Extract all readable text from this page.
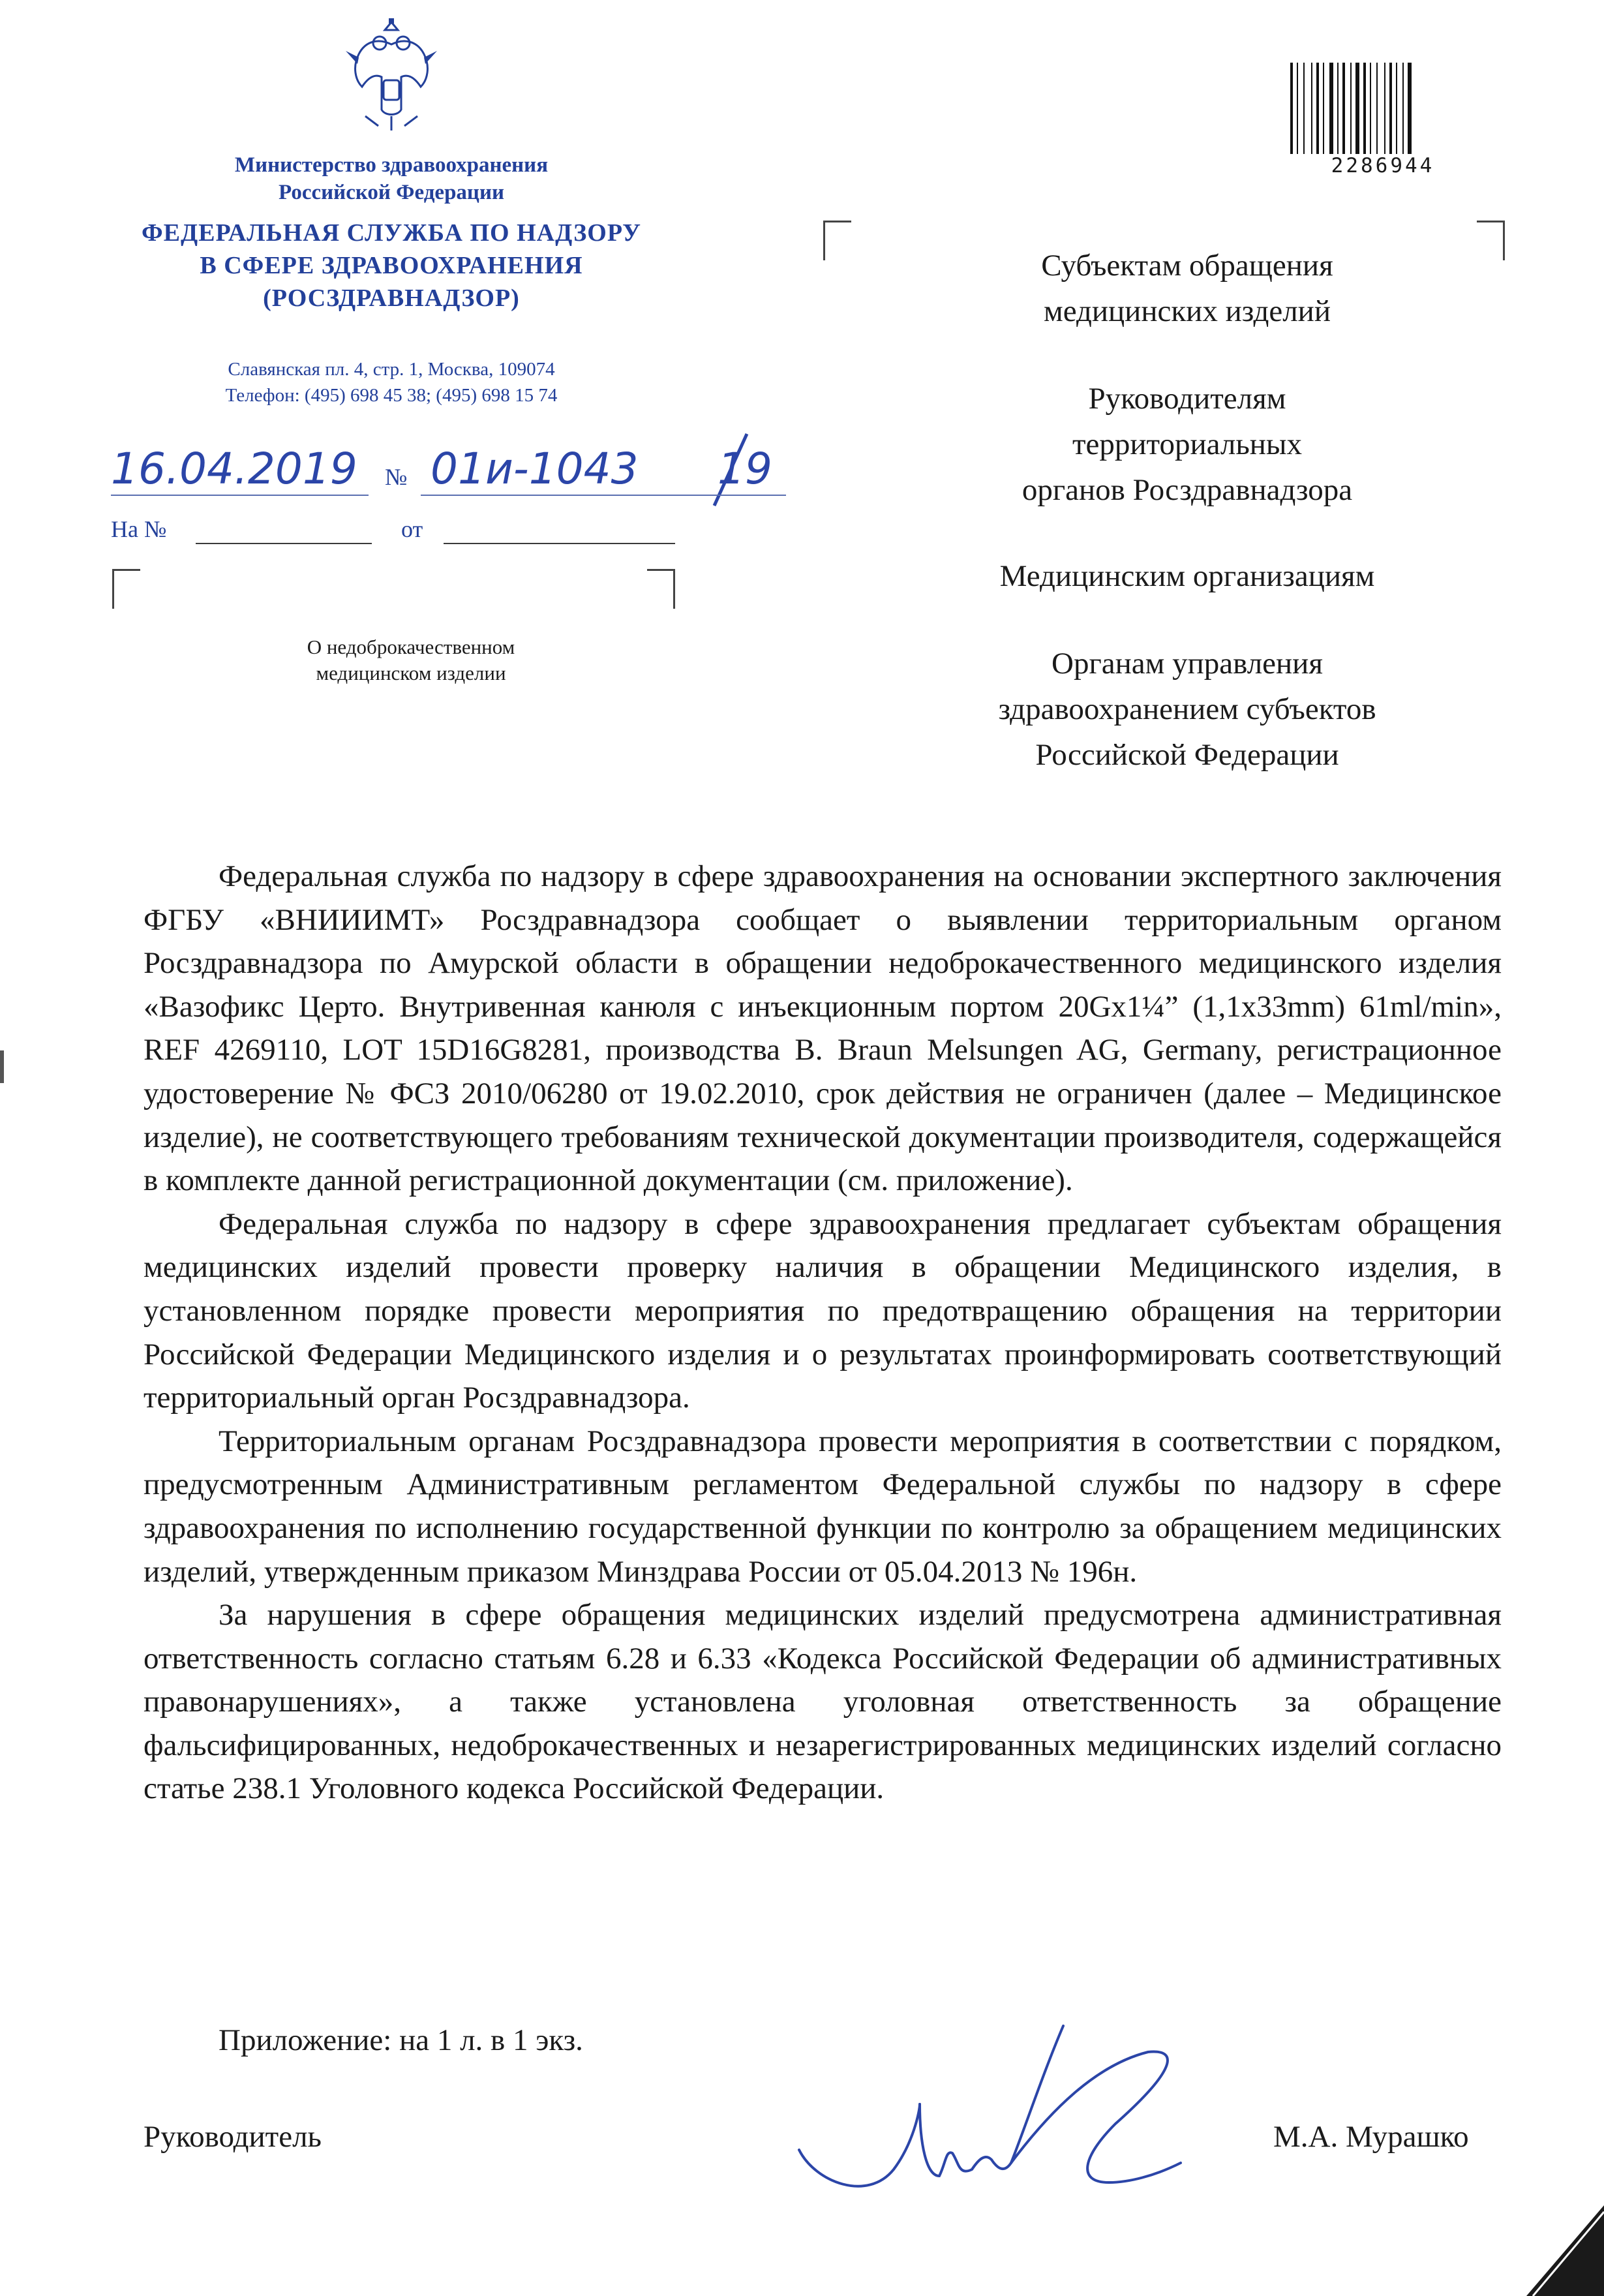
Министерство здравоохранения
Российской Федерации
ФЕДЕРАЛЬНАЯ СЛУЖБА ПО НАДЗОРУ
В СФЕРЕ ЗДРАВООХРАНЕНИЯ
(РОСЗДРАВНАДЗОР)
Славянская пл. 4, стр. 1, Москва, 109074
Телефон: (495) 698 45 38; (495) 698 15 74
16.04.2019 № 01и-1043 19
На №	от
О недоброкачественном
медицинском изделии
2286944
Субъектам обращения
медицинских изделий
Руководителям
территориальных
органов Росздравнадзора
Медицинским организациям
Органам управления
здравоохранением субъектов
Российской Федерации

Федеральная служба по надзору в сфере здравоохранения на основании экспертного заключения ФГБУ «ВНИИИМТ» Росздравнадзора сообщает о выявлении территориальным органом Росздравнадзора по Амурской области в обращении недоброкачественного медицинского изделия «Вазофикс Церто. Внутривенная канюля с инъекционным портом 20Gx1¼” (1,1x33mm) 61ml/min», REF 4269110, LOT 15D16G8281, производства B. Braun Melsungen AG, Germany, регистрационное удостоверение № ФСЗ 2010/06280 от 19.02.2010, срок действия не ограничен (далее – Медицинское изделие), не соответствующего требованиям технической документации производителя, содержащейся в комплекте данной регистрационной документации (см. приложение).

Федеральная служба по надзору в сфере здравоохранения предлагает субъектам обращения медицинских изделий провести проверку наличия в обращении Медицинского изделия, в установленном порядке провести мероприятия по предотвращению обращения на территории Российской Федерации Медицинского изделия и о результатах проинформировать соответствующий территориальный орган Росздравнадзора.

Территориальным органам Росздравнадзора провести мероприятия в соответствии с порядком, предусмотренным Административным регламентом Федеральной службы по надзору в сфере здравоохранения по исполнению государственной функции по контролю за обращением медицинских изделий, утвержденным приказом Минздрава России от 05.04.2013 № 196н.

За нарушения в сфере обращения медицинских изделий предусмотрена административная ответственность согласно статьям 6.28 и 6.33 «Кодекса Российской Федерации об административных правонарушениях», а также установлена уголовная ответственность за обращение фальсифицированных, недоброкачественных и незарегистрированных медицинских изделий согласно статье 238.1 Уголовного кодекса Российской Федерации.

Приложение: на 1 л. в 1 экз.
Руководитель	М.А. Мурашко
